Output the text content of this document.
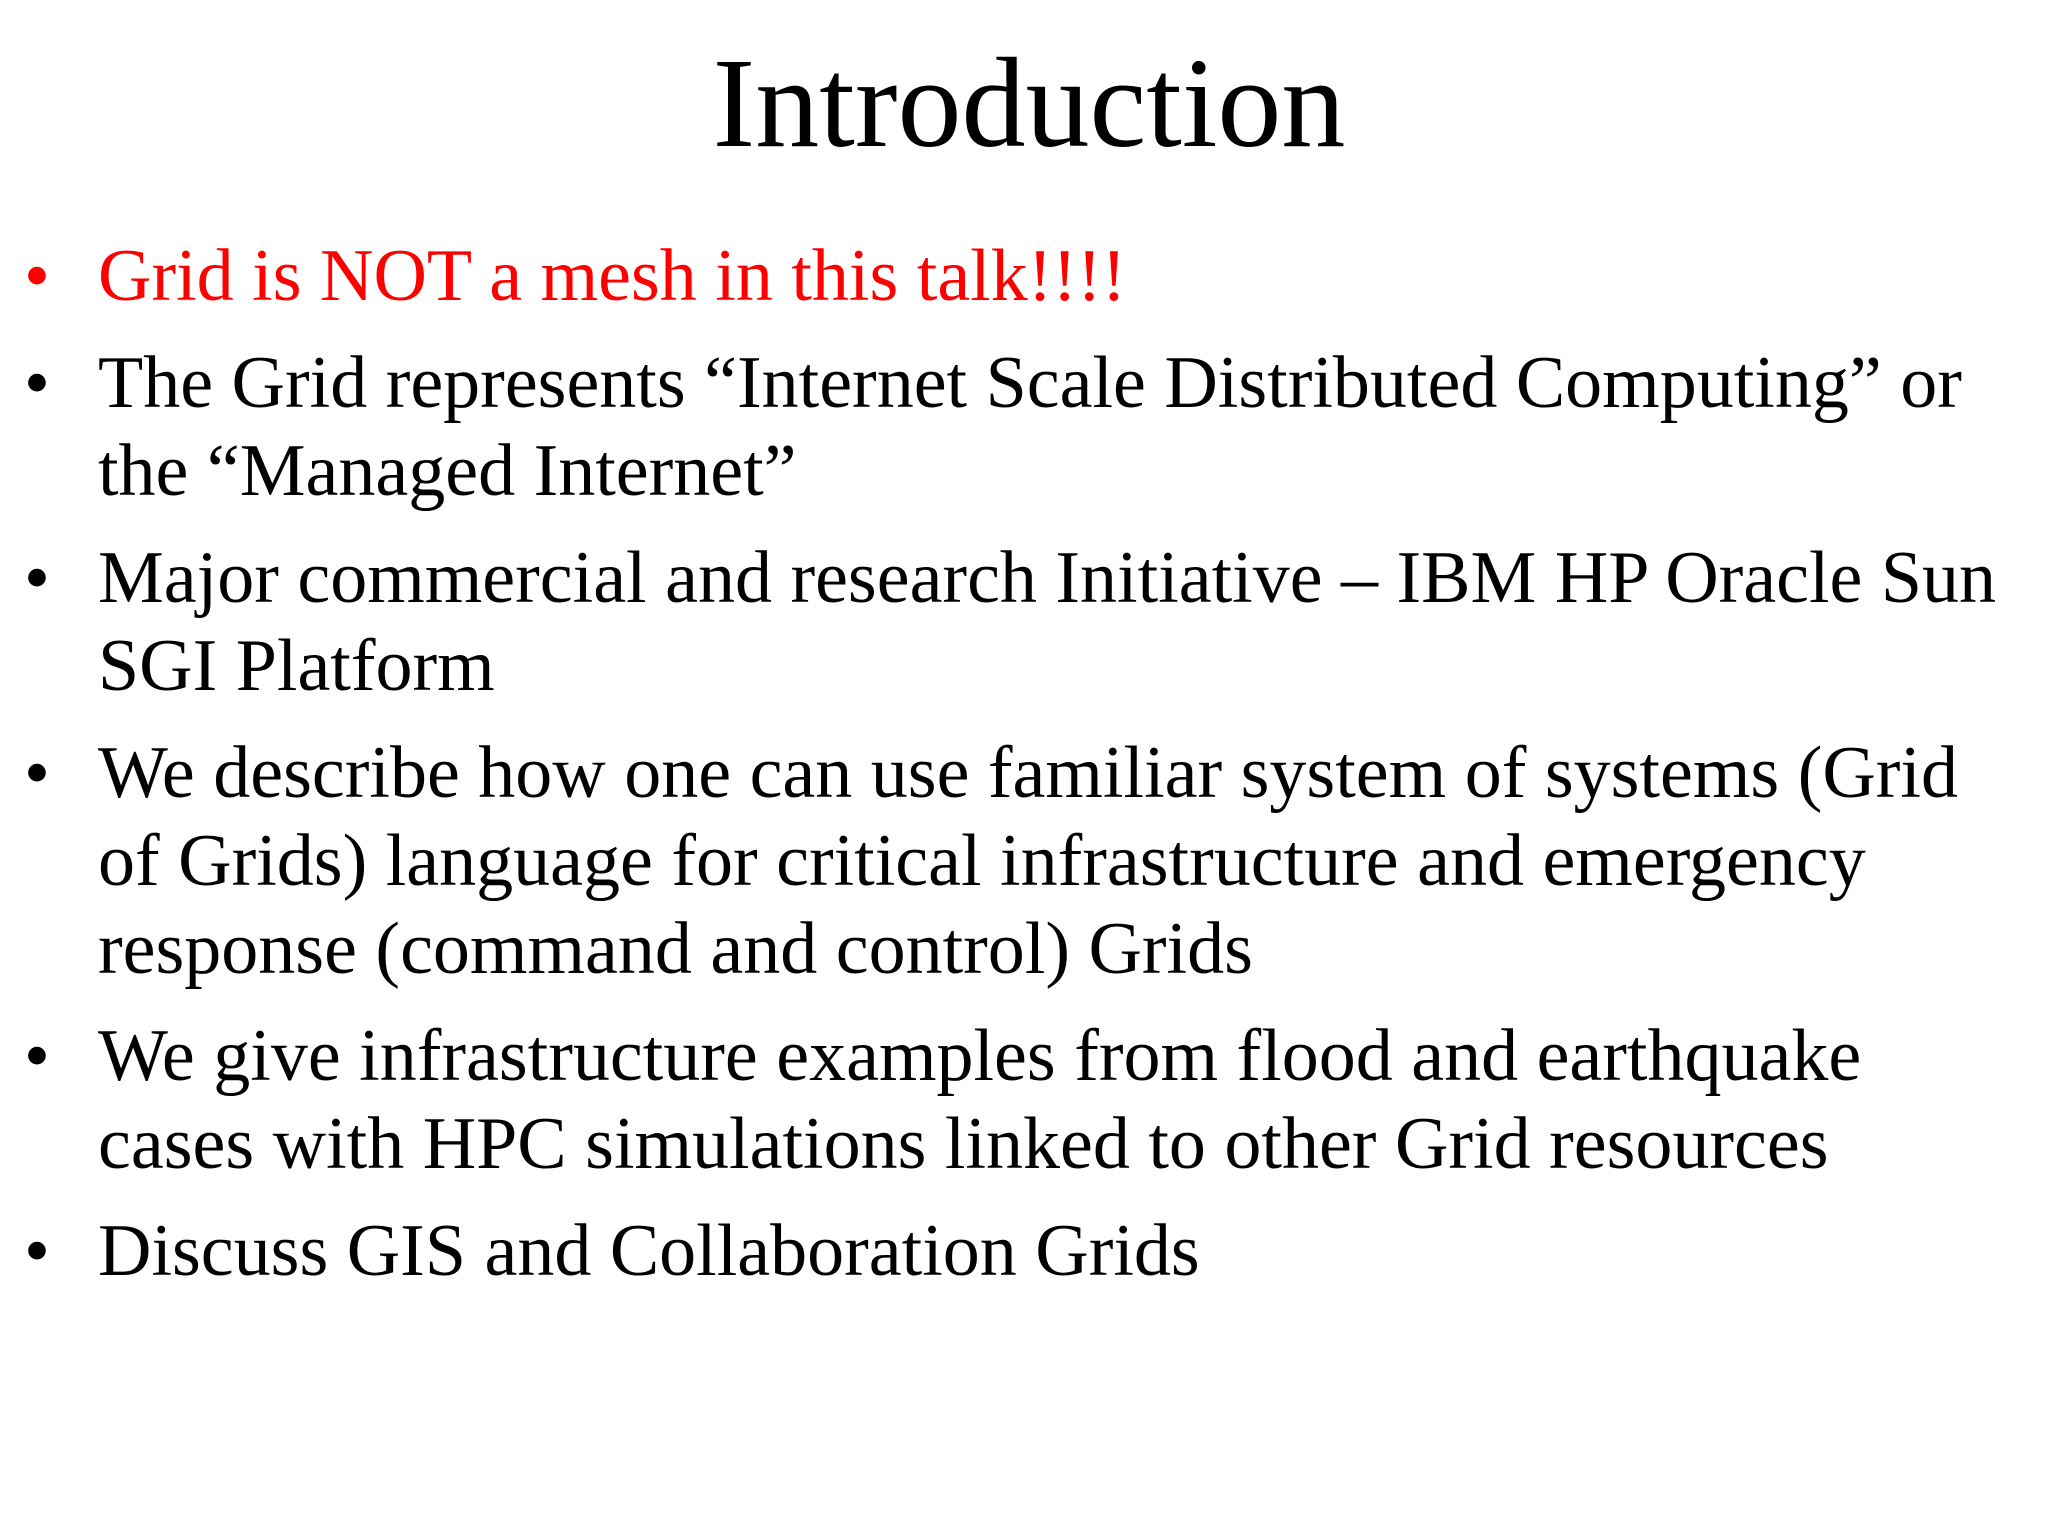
Introduction
• Grid is NOT a mesh in this talk!!!!
• The Grid represents “Internet Scale Distributed Computing” or the “Managed Internet”
• Major commercial and research Initiative – IBM HP Oracle Sun SGI Platform
• We describe how one can use familiar system of systems (Grid of Grids) language for critical infrastructure and emergency response (command and control) Grids
• We give infrastructure examples from flood and earthquake cases with HPC simulations linked to other Grid resources
• Discuss GIS and Collaboration Grids
